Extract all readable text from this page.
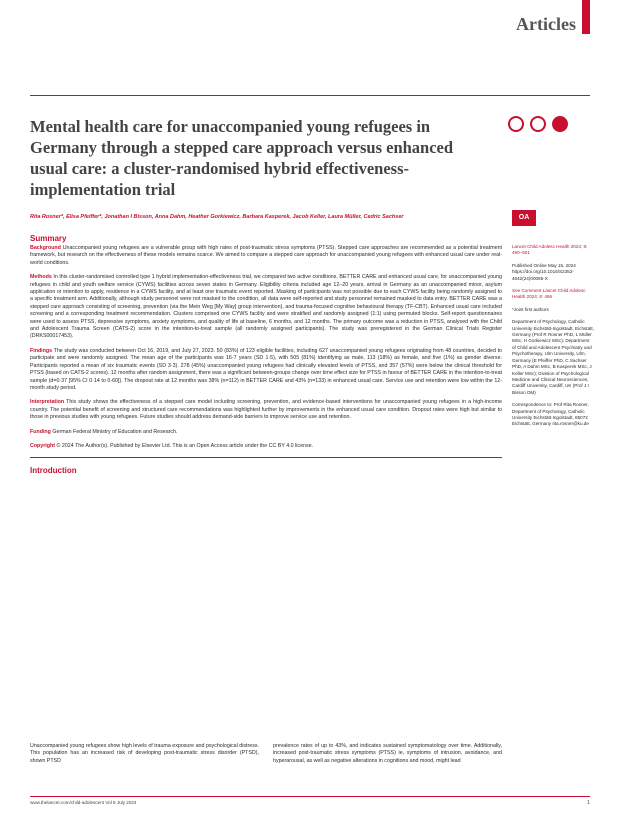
Articles
Mental health care for unaccompanied young refugees in Germany through a stepped care approach versus enhanced usual care: a cluster-randomised hybrid effectiveness-implementation trial
Rita Rosner*, Elisa Pfeiffer*, Jonathan I Bisson, Anna Dahm, Heather Gorkiewicz, Barbara Kasperek, Jacob Keller, Laura Müller, Cedric Sachser	OA
Summary

Background Unaccompanied young refugees are a vulnerable group with high rates of post-traumatic stress symptoms (PTSS). Stepped care approaches are recommended as a potential treatment framework, but research on the effectiveness of these models remains scarce. We aimed to compare a stepped care approach for unaccompanied young refugees with enhanced usual care under real-world conditions.

Methods In this cluster-randomised controlled type 1 hybrid implementation-effectiveness trial, we compared two active conditions, BETTER CARE and enhanced usual care, for unaccompanied young refugees in child and youth welfare service (CYWS) facilities across seven states in Germany. Eligibility criteria included age 12–20 years, arrival in Germany as an unaccompanied minor, asylum application or intention to apply, residence in a CYWS facility, and at least one traumatic event reported. Masking of participants was not possible due to each CYWS facility being randomly assigned to a specific treatment arm. Additionally, although study personnel were not masked to the condition, all data were self-reported and study personnel remained masked to data entry. BETTER CARE was a stepped care approach consisting of screening, prevention (via the Mein Weg [My Way] group intervention), and trauma-focused cognitive behavioural therapy (TF-CBT). Enhanced usual care included screening and a corresponding treatment recommendation. Clusters comprised one CYWS facility and were stratified and randomly assigned (1:1) using permuted blocks. Self-report questionnaires were used to assess PTSS, depressive symptoms, anxiety symptoms, and quality of life at baseline, 6 months, and 12 months. The primary outcome was a reduction in PTSS, analysed with the Child and Adolescent Trauma Screen (CATS-2) score in the intention-to-treat sample (all randomly assigned participants). The study was preregistered in the German Clinical Trials Register (DRKS00017453).

Findings The study was conducted between Oct 16, 2019, and July 27, 2023. 50 (83%) of 123 eligible facilities, including 627 unaccompanied young refugees originating from 48 countries, decided to participate and were randomly assigned. The mean age of the participants was 16·7 years (SD 1·5), with 505 (81%) identifying as male, 113 (18%) as female, and five (1%) as gender diverse. Participants reported a mean of six traumatic events (SD 3·3). 278 (45%) unaccompanied young refugees had clinically elevated levels of PTSS, and 357 (57%) were below the clinical threshold for PTSS (based on CATS-2 scores). 12 months after random assignment, there was a significant between-groups change over time effect size for PTSS in favour of BETTER CARE in the intention-to-treat sample (d=0·37 [95% CI 0·14 to 0·60]). The dropout rate at 12 months was 38% (n=112) in BETTER CARE and 43% (n=133) in enhanced usual care. Service use and retention were low within the 12-month study period.

Interpretation This study shows the effectiveness of a stepped care model including screening, prevention, and evidence-based interventions for unaccompanied young refugees in a high-income country. The potential benefit of screening and structured care recommendations was highlighted further by improvements in the enhanced usual care condition. Dropout rates were high but similar to those in previous studies with young refugees. Future studies should address demand-side barriers to improve service use and retention.

Funding German Federal Ministry of Education and Research.

Copyright © 2024 The Author(s). Published by Elsevier Ltd. This is an Open Access article under the CC BY 4.0 license.

Introduction
Unaccompanied young refugees show high levels of trauma exposure and psychological distress. This population has an increased risk of developing post-traumatic stress disorder (PTSD), shown PTSD
prevalence rates of up to 43%, and indicates sustained symptomatology over time. Additionally, increased post-traumatic stress symptoms (PTSS) ie, symptoms of intrusion, avoidance, and hyperarousal, as well as negative alterations in cognitions and mood, might lead

Lancet Child Adolesc Health 2024; 8: 490–501

Published Online May 15, 2024 https://doi.org/10.1016/S2352-4642(24)00095-X

See Comment Lancet Child Adolesc Health 2024; 8: 466

*Joint first authors

Department of Psychology, Catholic University Eichstätt-Ingolstadt, Eichstätt, Germany (Prof R Rosner PhD, L Müller MSc, H Gorkiewicz MSc); Department of Child and Adolescent Psychiatry and Psychotherapy, Ulm University, Ulm, Germany (E Pfeiffer PhD, C Sachser PhD, A Dahm MSc, B Kasperek MSc, J Keller MSc); Division of Psychological Medicine and Clinical Neurosciences, Cardiff University, Cardiff, UK (Prof J I Bisson DM)

Correspondence to: Prof Rita Rosner, Department of Psychology, Catholic University Eichstätt-Ingolstadt, 85072 Eichstätt, Germany rita.rosner@ku.de

www.thelancet.com/child-adolescent Vol 8 July 2024	1
